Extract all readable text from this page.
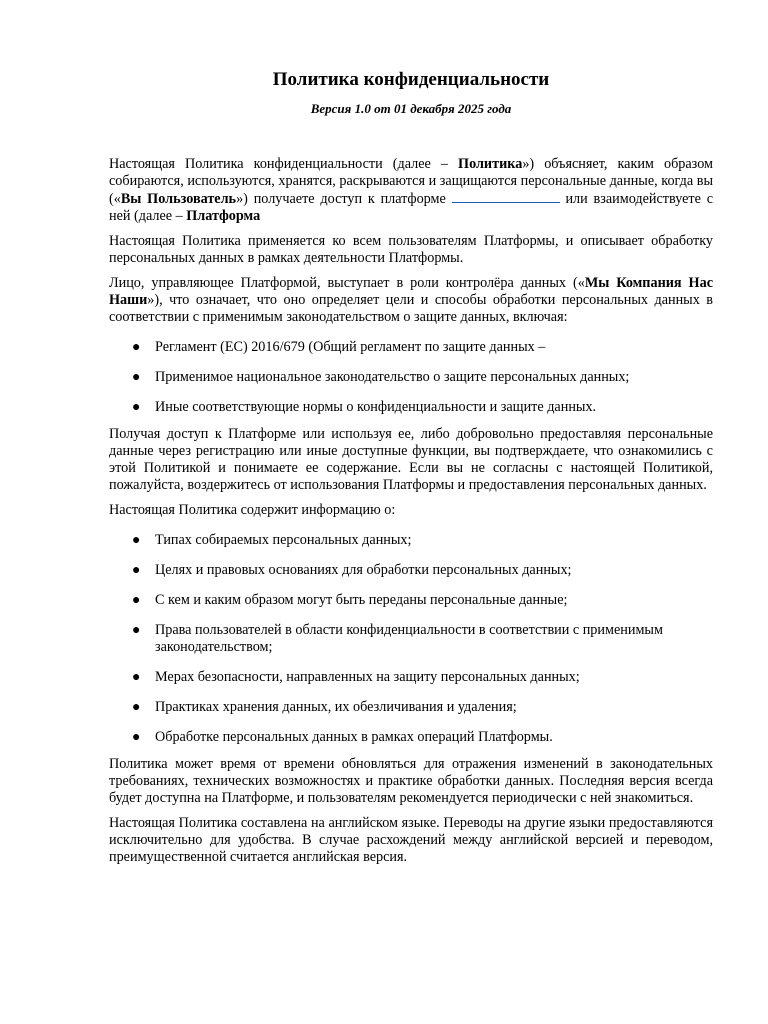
Политика конфиденциальности

Версия 1.0 от 01 декабря 2025 года

Настоящая Политика конфиденциальности (далее – Политика») объясняет, каким образом собираются, используются, хранятся, раскрываются и защищаются персональные данные, когда вы («Вы Пользователь») получаете доступ к платформе	или взаимодействуете с ней (далее – Платформа

Настоящая Политика применяется ко всем пользователям Платформы, и описывает обработку персональных данных в рамках деятельности Платформы.

Лицо, управляющее Платформой, выступает в роли контролёра данных («Мы Компания Нас Наши»), что означает, что оно определяет цели и способы обработки персональных данных в соответствии с применимым законодательством о защите данных, включая:

● Регламент (ЕС) 2016/679 (Общий регламент по защите данных –
● Применимое национальное законодательство о защите персональных данных;
● Иные соответствующие нормы о конфиденциальности и защите данных.

Получая доступ к Платформе или используя ее, либо добровольно предоставляя персональные данные через регистрацию или иные доступные функции, вы подтверждаете, что ознакомились с этой Политикой и понимаете ее содержание. Если вы не согласны с настоящей Политикой, пожалуйста, воздержитесь от использования Платформы и предоставления персональных данных.

Настоящая Политика содержит информацию о:

● Типах собираемых персональных данных;
● Целях и правовых основаниях для обработки персональных данных;
● С кем и каким образом могут быть переданы персональные данные;
● Права пользователей в области конфиденциальности в соответствии с применимым законодательством;
● Мерах безопасности, направленных на защиту персональных данных;
● Практиках хранения данных, их обезличивания и удаления;
● Обработке персональных данных в рамках операций Платформы.

Политика может время от времени обновляться для отражения изменений в законодательных требованиях, технических возможностях и практике обработки данных. Последняя версия всегда будет доступна на Платформе, и пользователям рекомендуется периодически с ней знакомиться.

Настоящая Политика составлена на английском языке. Переводы на другие языки предоставляются исключительно для удобства. В случае расхождений между английской версией и переводом, преимущественной считается английская версия.
